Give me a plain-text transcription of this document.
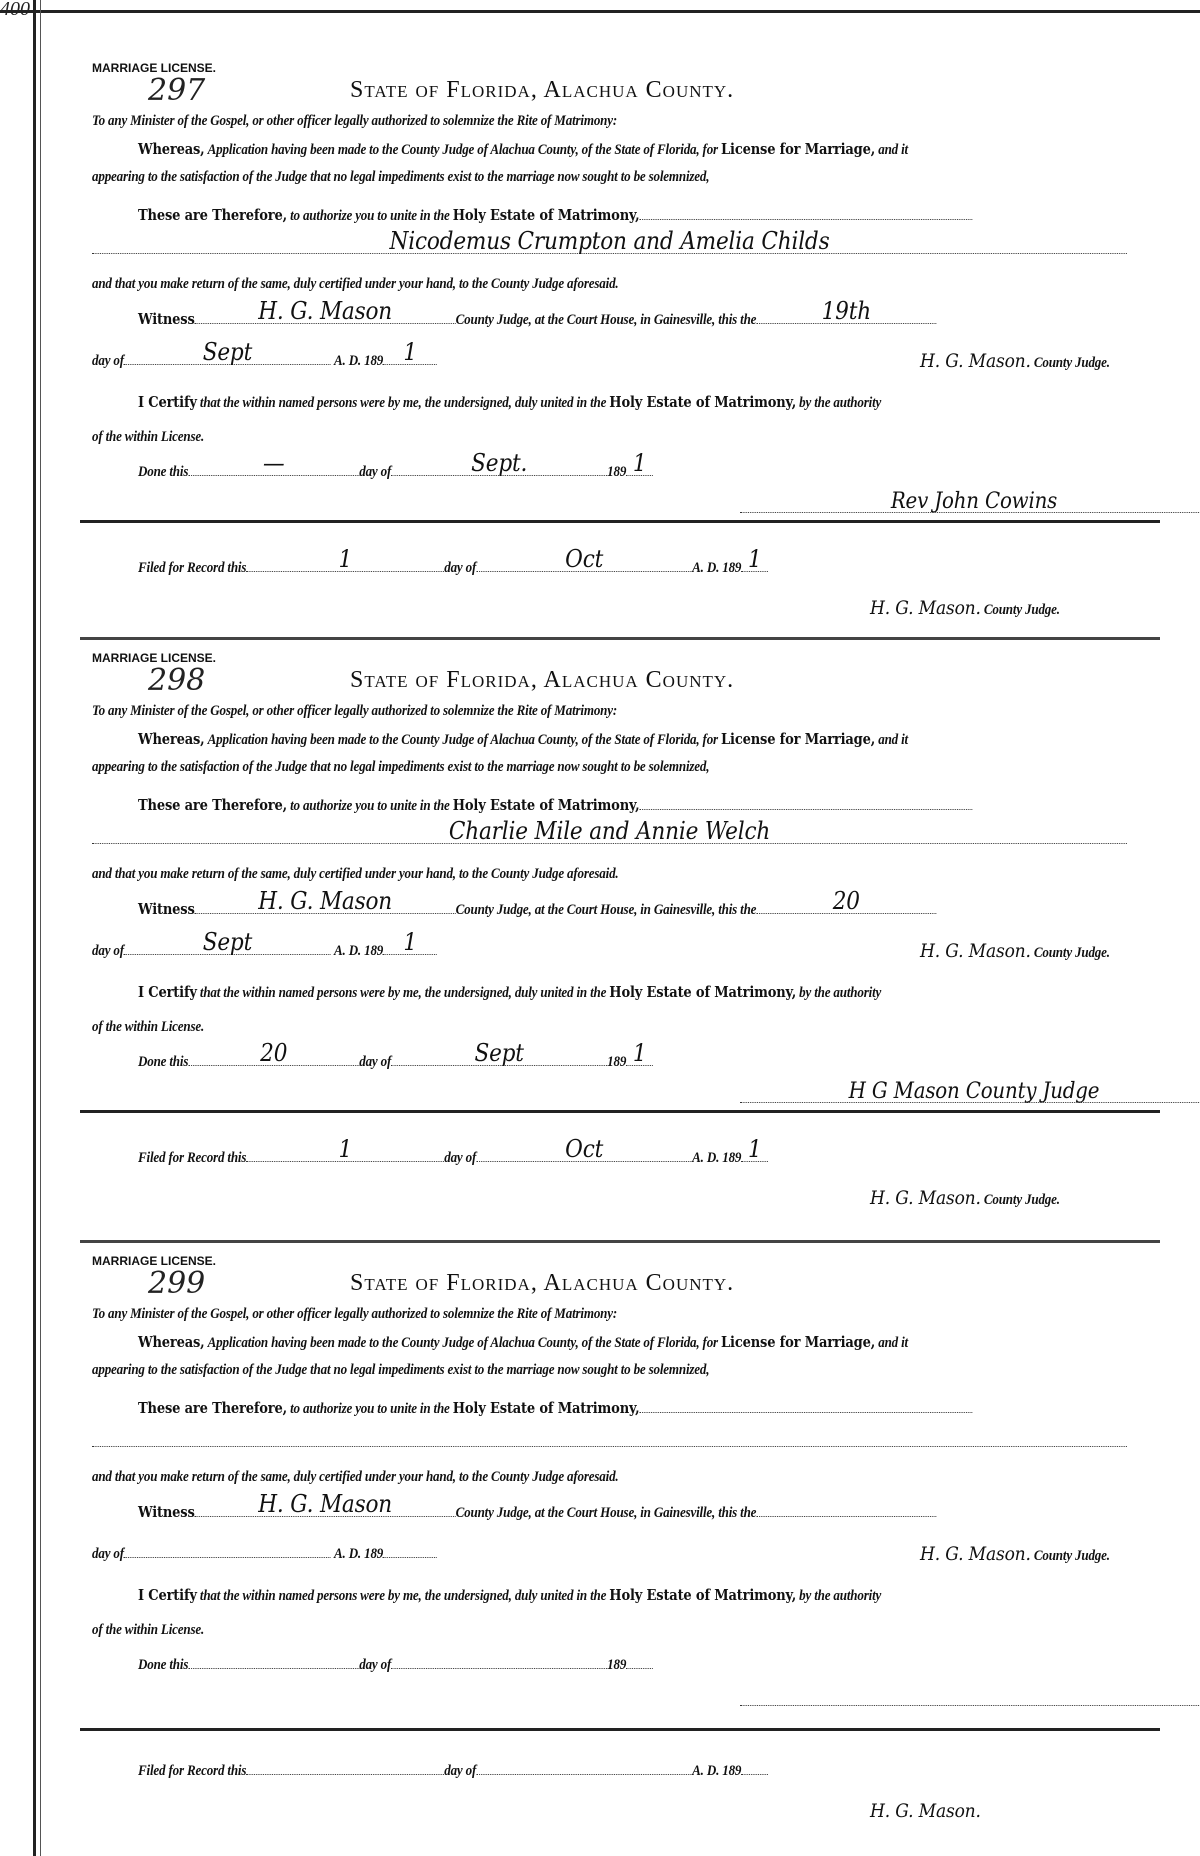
400
MARRIAGE LICENSE.
297	State of Florida, Alachua County.
To any Minister of the Gospel, or other officer legally authorized to solemnize the Rite of Matrimony:
Whereas,
Application having been made to the County Judge of Alachua County, of the State of Florida, for
License for Marriage,
and it
appearing to the satisfaction of the Judge that no legal impediments exist to the marriage now sought to be solemnized,
These are Therefore,
to authorize you to unite in the
Holy Estate of Matrimony,
Nicodemus Crumpton and Amelia Childs
and that you make return of the same, duly certified under your hand, to the County Judge aforesaid.
Witness	H. G. Mason	County Judge, at the Court House, in Gainesville, this the	19th
day of	Sept
	A. D. 189 1	H. G. Mason.
County Judge.
I Certify
that the within named persons were by me, the undersigned, duly united in the
Holy Estate of Matrimony,
by the authority
of the within License.
Done this	—	day of	Sept.	189 1
Rev John Cowins
Filed for Record this	1	day of	Oct	A. D. 189 1
H. G. Mason.
County Judge.
MARRIAGE LICENSE.
298	State of Florida, Alachua County.
To any Minister of the Gospel, or other officer legally authorized to solemnize the Rite of Matrimony:
Whereas,
Application having been made to the County Judge of Alachua County, of the State of Florida, for
License for Marriage,
and it
appearing to the satisfaction of the Judge that no legal impediments exist to the marriage now sought to be solemnized,
These are Therefore,
to authorize you to unite in the
Holy Estate of Matrimony,
Charlie Mile and Annie Welch
and that you make return of the same, duly certified under your hand, to the County Judge aforesaid.
Witness	H. G. Mason	County Judge, at the Court House, in Gainesville, this the	20
day of	Sept
	A. D. 189 1	H. G. Mason.
County Judge.
I Certify
that the within named persons were by me, the undersigned, duly united in the
Holy Estate of Matrimony,
by the authority
of the within License.
Done this	20	day of	Sept	189 1
H G Mason County Judge
Filed for Record this	1	day of	Oct	A. D. 189 1
H. G. Mason.
County Judge.
MARRIAGE LICENSE.
299	State of Florida, Alachua County.
To any Minister of the Gospel, or other officer legally authorized to solemnize the Rite of Matrimony:
Whereas,
Application having been made to the County Judge of Alachua County, of the State of Florida, for
License for Marriage,
and it
appearing to the satisfaction of the Judge that no legal impediments exist to the marriage now sought to be solemnized,
These are Therefore,
to authorize you to unite in the
Holy Estate of Matrimony,
and that you make return of the same, duly certified under your hand, to the County Judge aforesaid.
Witness	H. G. Mason	County Judge, at the Court House, in Gainesville, this the
day of
	A. D. 189	H. G. Mason.
County Judge.
I Certify
that the within named persons were by me, the undersigned, duly united in the
Holy Estate of Matrimony,
by the authority
of the within License.
Done this	day of	189
Filed for Record this	day of	A. D. 189
H. G. Mason.
